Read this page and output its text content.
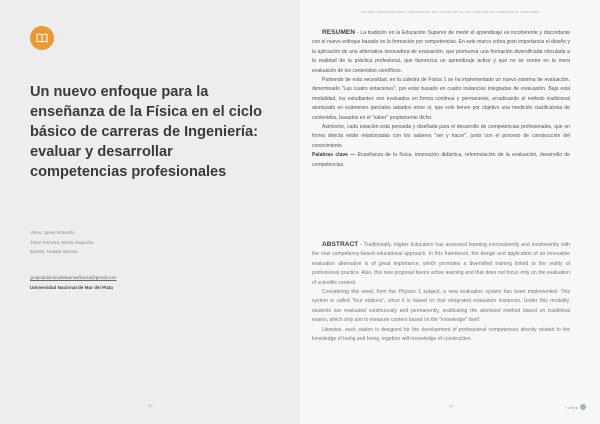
Un nuevo enfoque para la enseñanza de la Física en el ciclo básico de carreras de Ingeniería: evaluar y desarrollar competencias profesionales
Visus, Javier Eduardo
Tintor Ferreira, María Alejandra
Bartels, Natalia Vanesa
grupodidacticadelaenseñanza@gmail.com
Universidad Nacional de Mar del Plata
20
UN NUEVO ENFOQUE PARA LA ENSEÑANZA DE LA FÍSICA EN EL CICLO BÁSICO DE CARRERAS DE INGENIERÍA

RESUMEN - La tradición en la Educación Superior de medir el aprendizaje es incoherente y discordante con el nuevo enfoque basado en la formación por competencias. En este marco cobra gran importancia el diseño y la aplicación de una alternativa innovadora de evaluación, que promueva una formación diversificada vinculada a la realidad de la práctica profesional, que favorezca un aprendizaje activo y que no se centre en la mera evaluación de los contenidos científicos.

Partiendo de esta necesidad, en la cátedra de Física 1 se ha implementado un nuevo sistema de evaluación, denominado "Las cuatro estaciones", por estar basado en cuatro instancias integradas de evaluación. Bajo esta modalidad, los estudiantes son evaluados en forma continua y permanente, erradicando el método tradicional atomizado en exámenes parciales aislados entre sí, que solo tienen por objetivo una medición clasificatoria de contenidos, basados en el "saber" propiamente dicho.

Asimismo, cada estación está pensada y diseñada para el desarrollo de competencias profesionales, que en forma directa están relacionadas con los saberes "ser y hacer", junto con el proceso de construcción del conocimiento.

Palabras clave — Enseñanza de la física, innovación didáctica, reformulación de la evaluación, desarrollo de competencias.

ABSTRACT - Traditionally, Higher Education has assessed learning inconsistently and incoherently with the new competency-based educational approach. In this framework, the design and application of an innovative evaluation alternative is of great importance, which promotes a diversified training linked to the reality of professional practice. Also, this new proposal favors active learning and that does not focus only on the evaluation of scientific content.

Considering this need, from the Physics 1 subject, a new evaluation system has been implemented. This system is called "four stations", since it is based on four integrated evaluation instances. Under this modality, students are evaluated continuously and permanently, eradicating the atomized method based on traditional exams, which only aim to measure content based on the "knowledge" itself.

Likewise, each station is designed for the development of professional competences directly related to the knowledge of being and being, together with knowledge of construction.

21	+ info ▸
